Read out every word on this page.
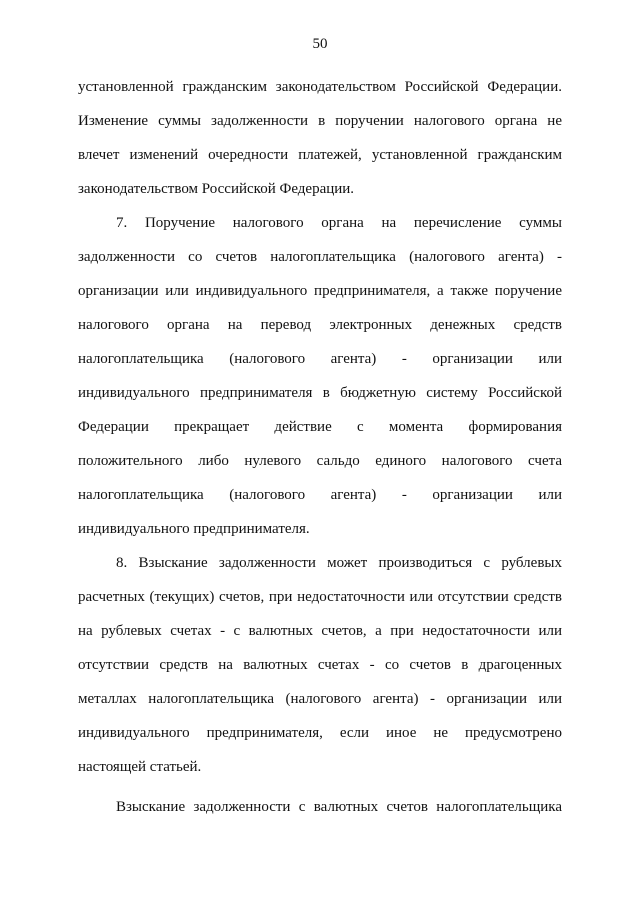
50
установленной гражданским законодательством Российской Федерации.
Изменение суммы задолженности в поручении налогового органа не
влечет изменений очередности платежей, установленной гражданским
законодательством Российской Федерации.
7. Поручение налогового органа на перечисление суммы
задолженности со счетов налогоплательщика (налогового агента) -
организации или индивидуального предпринимателя, а также поручение
налогового органа на перевод электронных денежных средств
налогоплательщика (налогового агента) - организации или
индивидуального предпринимателя в бюджетную систему Российской
Федерации прекращает действие с момента формирования
положительного либо нулевого сальдо единого налогового счета
налогоплательщика (налогового агента) - организации или
индивидуального предпринимателя.
8. Взыскание задолженности может производиться с рублевых
расчетных (текущих) счетов, при недостаточности или отсутствии средств
на рублевых счетах - с валютных счетов, а при недостаточности или
отсутствии средств на валютных счетах - со счетов в драгоценных
металлах налогоплательщика (налогового агента) - организации или
индивидуального предпринимателя, если иное не предусмотрено
настоящей статьей.
Взыскание задолженности с валютных счетов налогоплательщика
